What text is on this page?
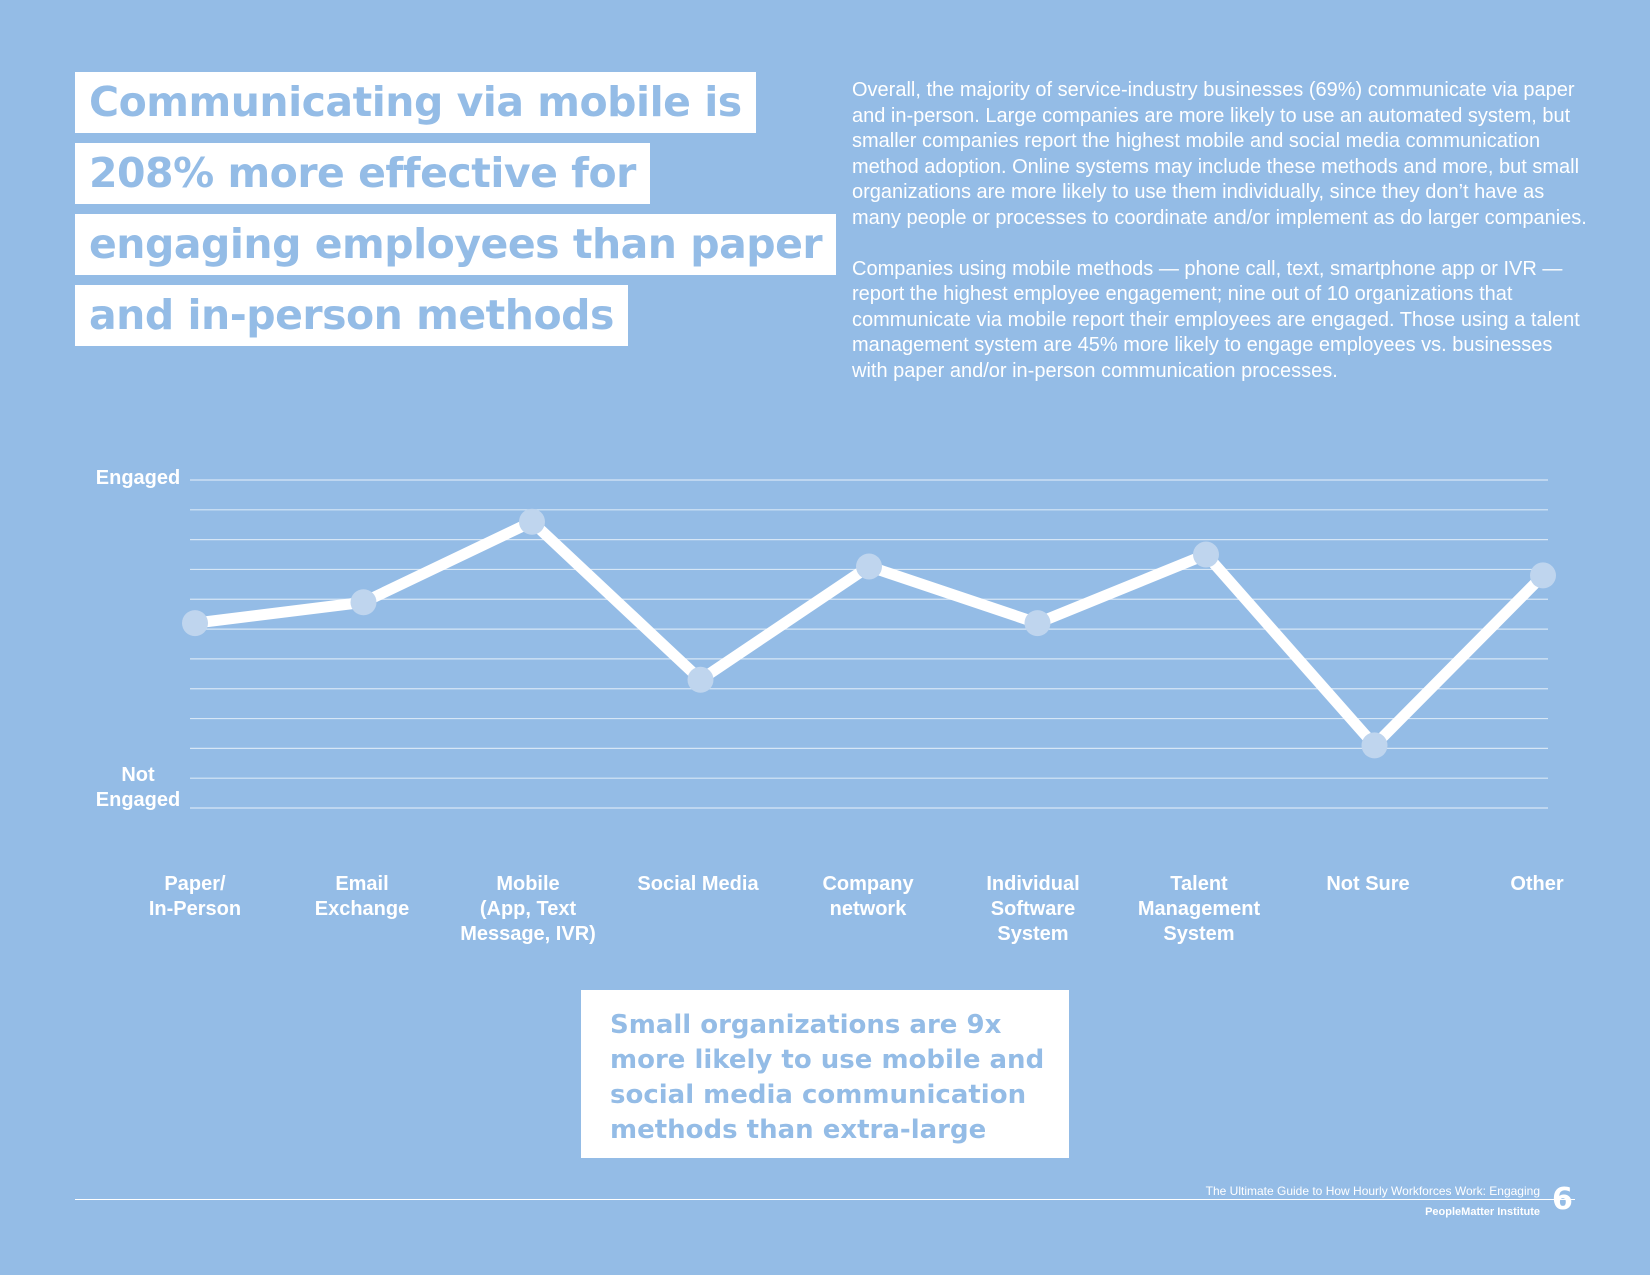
Communicating via mobile is
208% more effective for
engaging employees than paper
and in-person methods

Overall, the majority of service-industry businesses (69%) communicate via paper and in-person. Large companies are more likely to use an automated system, but smaller companies report the highest mobile and social media communication method adoption. Online systems may include these methods and more, but small organizations are more likely to use them individually, since they don’t have as many people or processes to coordinate and/or implement as do larger companies.

Companies using mobile methods — phone call, text, smartphone app or IVR — report the highest employee engagement; nine out of 10 organizations that communicate via mobile report their employees are engaged. Those using a talent management system are 45% more likely to engage employees vs. businesses with paper and/or in-person communication processes.

Engaged
Not
Engaged
Paper/
In-Person
Email
Exchange
Mobile
(App, Text
Message, IVR)
Social Media	Company
network
Individual
Software
System
Talent
Management
System
Not Sure	Other
Small organizations are 9x more likely to use mobile and social media communication methods than extra-large ones
The Ultimate Guide to How Hourly Workforces Work: Engaging
PeopleMatter Institute 6
